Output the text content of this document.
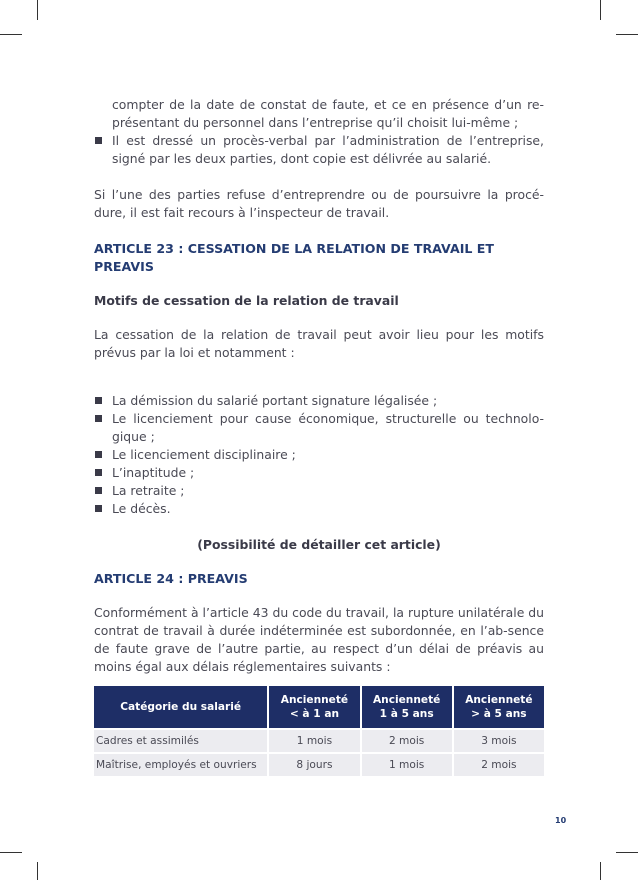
compter de la date de constat de faute, et ce en présence d’un re-présentant du personnel dans l’entreprise qu’il choisit lui-même ;

Il est dressé un procès-verbal par l’administration de l’entreprise, signé par les deux parties, dont copie est délivrée au salarié.

Si l’une des parties refuse d’entreprendre ou de poursuivre la procé-dure, il est fait recours à l’inspecteur de travail.

ARTICLE 23 : CESSATION DE LA RELATION DE TRAVAIL ET PREAVIS

Motifs de cessation de la relation de travail

La cessation de la relation de travail peut avoir lieu pour les motifs prévus par la loi et notamment :

La démission du salarié portant signature légalisée ;
Le licenciement pour cause économique, structurelle ou technolo-gique ;
Le licenciement disciplinaire ;
L’inaptitude ;
La retraite ;
Le décès.

(Possibilité de détailler cet article)

ARTICLE 24 : PREAVIS

Conformément à l’article 43 du code du travail, la rupture unilatérale du contrat de travail à durée indéterminée est subordonnée, en l’ab-sence de faute grave de l’autre partie, au respect d’un délai de préavis au moins égal aux délais réglementaires suivants :

Catégorie du salarié	Ancienneté < à 1 an	Ancienneté 1 à 5 ans	Ancienneté > à 5 ans
Cadres et assimilés	1 mois	2 mois	3 mois
Maîtrise, employés et ouvriers	8 jours	1 mois	2 mois
10
